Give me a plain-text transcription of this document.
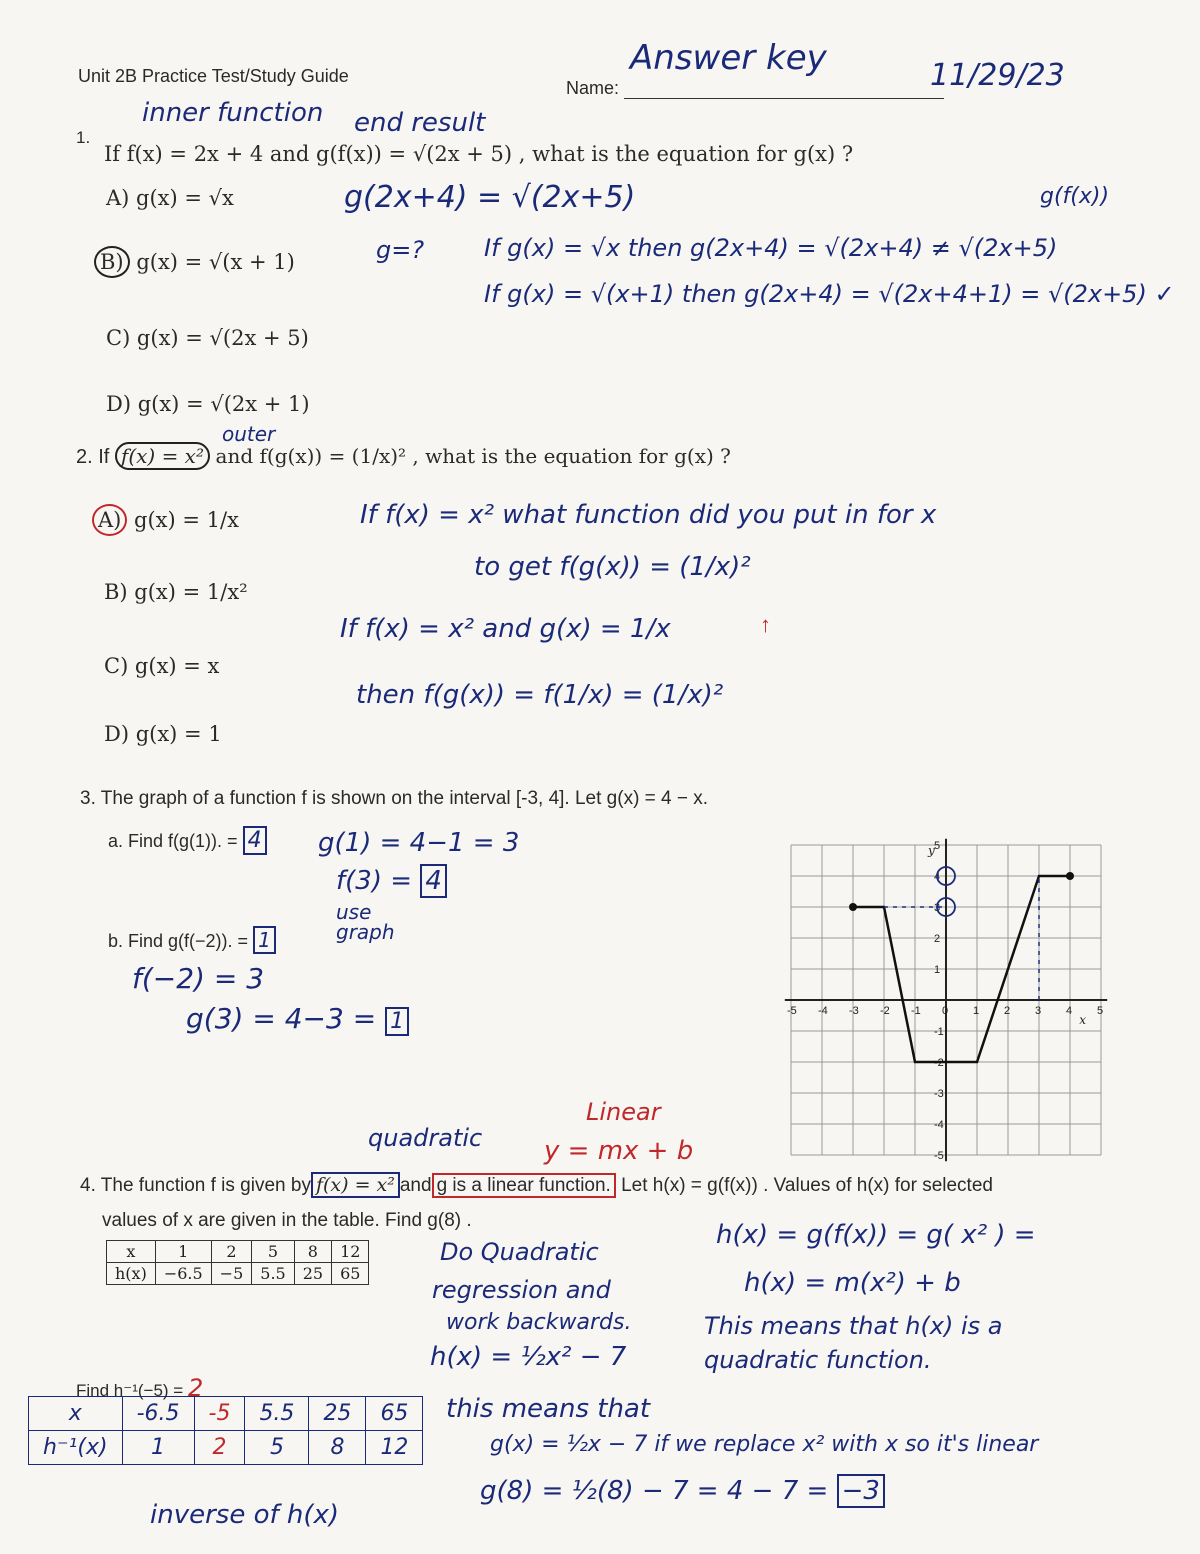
Unit 2B Practice Test/Study Guide
Name:
Answer key	11/29/23
inner function end result
1.
If f(x) = 2x + 4 and g(f(x)) = √(2x + 5) , what is the equation for g(x) ?
A) g(x) = √x
B) g(x) = √(x + 1)
C) g(x) = √(2x + 5)
D) g(x) = √(2x + 1)
g(2x+4) = √(2x+5)	g(f(x))
g=? If g(x) = √x then g(2x+4) = √(2x+4) ≠ √(2x+5)
If g(x) = √(x+1) then g(2x+4) = √(2x+4+1) = √(2x+5) ✓
outer
2. If f(x) = x² and f(g(x)) = (1/x)² , what is the equation for g(x) ?
A) g(x) = 1/x
B) g(x) = 1/x²
C) g(x) = x
D) g(x) = 1
If f(x) = x² what function did you put in for x
to get f(g(x)) = (1/x)²
If f(x) = x² and g(x) = 1/x	↑
then f(g(x)) = f(1/x) = (1/x)²
3. The graph of a function f is shown on the interval [-3, 4]. Let g(x) = 4 − x.
a. Find f(g(1)). = 4 g(1) = 4−1 = 3
f(3) = 4
use graph
b. Find g(f(−2)). = 1
f(−2) = 3
g(3) = 4−3 = 1	-5 -4 -3 -2 -1 0 1 2 3 4 5
5
4
3
2
1
-1
-2
-3
-4
-5
x
y
quadratic
Linear
y = mx + b
4. The function f is given by f(x) = x² and g is a linear function. Let h(x) = g(f(x)) . Values of h(x) for selected
values of x are given in the table. Find g(8) .
x	1	2	5	8	12
h(x)	−6.5	−5	5.5	25	65
h(x) = g(f(x)) = g( x² ) =
h(x) = m(x²) + b
This means that h(x) is a
quadratic function.
Do Quadratic
regression and
work backwards.
h(x) = ½x² − 7
this means that
g(x) = ½x − 7 if we replace x² with x so it's linear
g(8) = ½(8) − 7 = 4 − 7 = −3
Find h⁻¹(−5) = 2
x	-6.5	-5	5.5	25	65
h⁻¹(x)	1	2	5	8	12
inverse of h(x)
